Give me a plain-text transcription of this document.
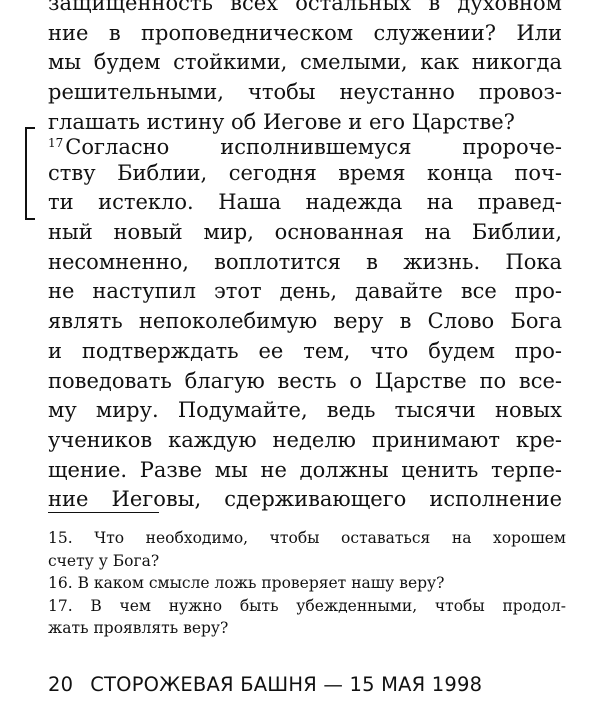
защищенность всех остальных в духовном
ние в проповедническом служении? Или
мы будем стойкими, смелыми, как никогда
решительными, чтобы неустанно провоз-
глашать истину об Иегове и его Царстве?
$^{17}$Согласно исполнившемуся пророче-
ству Библии, сегодня время конца поч-
ти истекло. Наша надежда на правед-
ный новый мир, основанная на Библии,
несомненно, воплотится в жизнь. Пока
не наступил этот день, давайте все про-
являть непоколебимую веру в Слово Бога
и подтверждать ее тем, что будем про-
поведовать благую весть о Царстве по все-
му миру. Подумайте, ведь тысячи новых
учеников каждую неделю принимают кре-
щение. Разве мы не должны ценить терпе-
ние Иеговы, сдерживающего исполнение
15. Что необходимо, чтобы оставаться на хорошем
счету у Бога?
16. В каком смысле ложь проверяет нашу веру?
17. В чем нужно быть убежденными, чтобы продол-
жать проявлять веру?
20 СТОРОЖЕВАЯ БАШНЯ — 15 МАЯ 1998
